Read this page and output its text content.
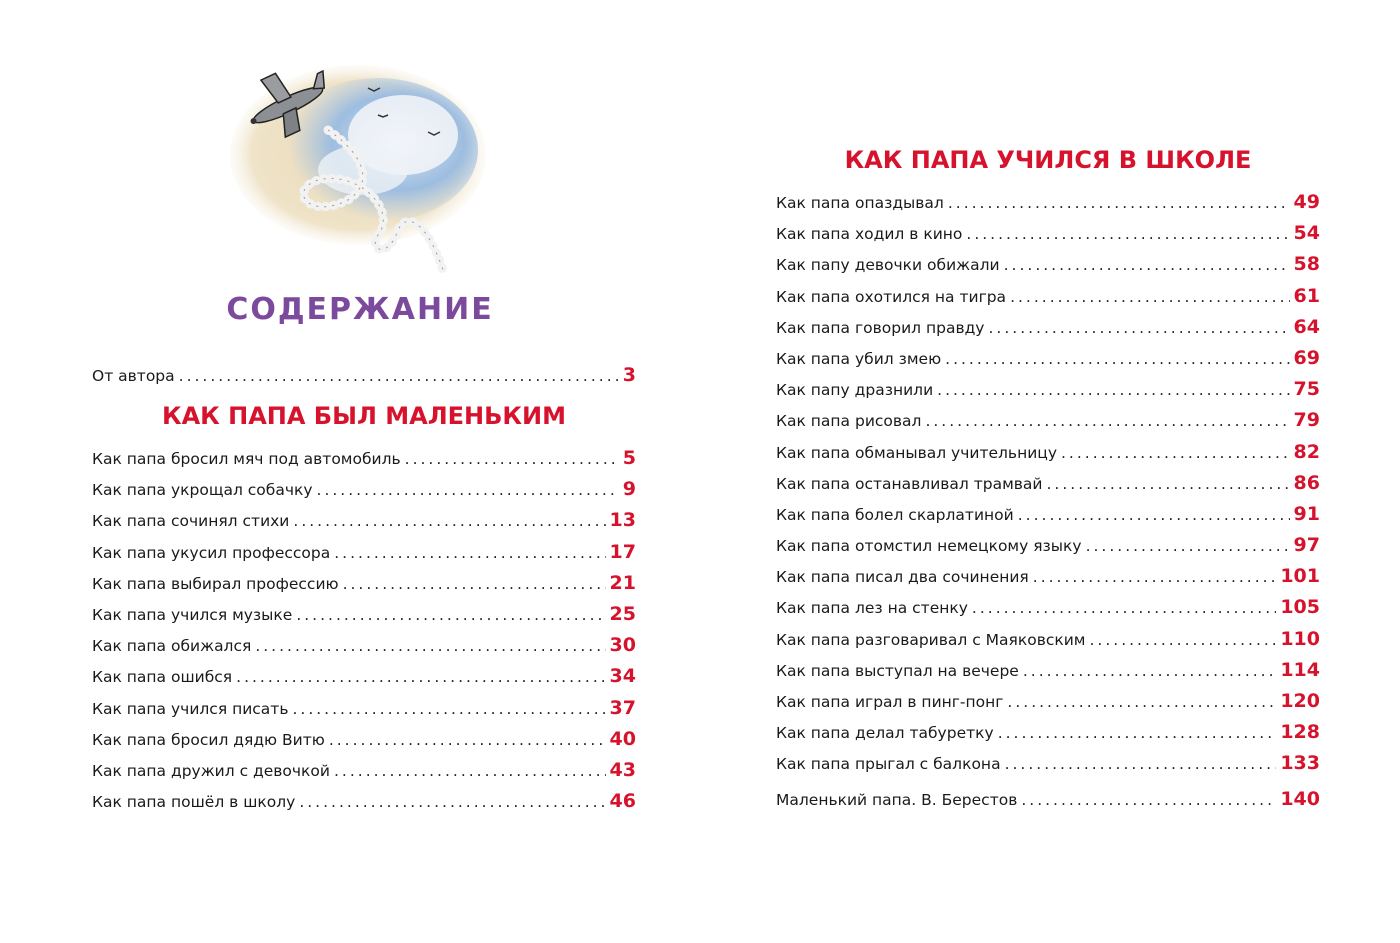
СОДЕРЖАНИЕ
От автора .....	3
КАК ПАПА БЫЛ МАЛЕНЬКИМ
Как папа бросил мяч под автомобиль .....	5
Как папа укрощал собачку .....	9
Как папа сочинял стихи .....	13
Как папа укусил профессора .....	17
Как папа выбирал профессию .....	21
Как папа учился музыке .....	25
Как папа обижался .....	30
Как папа ошибся .....	34
Как папа учился писать .....	37
Как папа бросил дядю Витю .....	40
Как папа дружил с девочкой .....	43
Как папа пошёл в школу .....	46
КАК ПАПА УЧИЛСЯ В ШКОЛЕ
Как папа опаздывал .....	49
Как папа ходил в кино .....	54
Как папу девочки обижали .....	58
Как папа охотился на тигра .....	61
Как папа говорил правду .....	64
Как папа убил змею .....	69
Как папу дразнили .....	75
Как папа рисовал .....	79
Как папа обманывал учительницу .....	82
Как папа останавливал трамвай .....	86
Как папа болел скарлатиной .....	91
Как папа отомстил немецкому языку .....	97
Как папа писал два сочинения .....	101
Как папа лез на стенку .....	105
Как папа разговаривал с Маяковским .....	110
Как папа выступал на вечере .....	114
Как папа играл в пинг-понг .....	120
Как папа делал табуретку .....	128
Как папа прыгал с балкона .....	133
Маленький папа. В. Берестов .....	140
